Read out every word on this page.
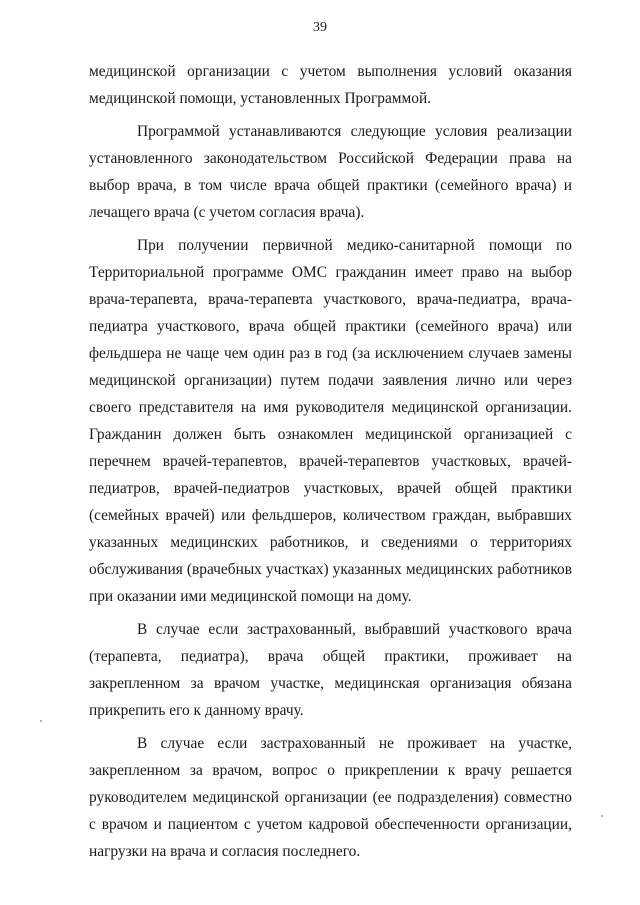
39

медицинской организации с учетом выполнения условий оказания медицинской помощи, установленных Программой.

Программой устанавливаются следующие условия реализации установленного законодательством Российской Федерации права на выбор врача, в том числе врача общей практики (семейного врача) и лечащего врача (с учетом согласия врача).

При получении первичной медико-санитарной помощи по Территориальной программе ОМС гражданин имеет право на выбор врача-терапевта, врача-терапевта участкового, врача-педиатра, врача-педиатра участкового, врача общей практики (семейного врача) или фельдшера не чаще чем один раз в год (за исключением случаев замены медицинской организации) путем подачи заявления лично или через своего представителя на имя руководителя медицинской организации. Гражданин должен быть ознакомлен медицинской организацией с перечнем врачей-терапевтов, врачей-терапевтов участковых, врачей-педиатров, врачей-педиатров участковых, врачей общей практики (семейных врачей) или фельдшеров, количеством граждан, выбравших указанных медицинских работников, и сведениями о территориях обслуживания (врачебных участках) указанных медицинских работников при оказании ими медицинской помощи на дому.

В случае если застрахованный, выбравший участкового врача (терапевта, педиатра), врача общей практики, проживает на закрепленном за врачом участке, медицинская организация обязана прикрепить его к данному врачу.

В случае если застрахованный не проживает на участке, закрепленном за врачом, вопрос о прикреплении к врачу решается руководителем медицинской организации (ее подразделения) совместно с врачом и пациентом с учетом кадровой обеспеченности организации, нагрузки на врача и согласия последнего.
